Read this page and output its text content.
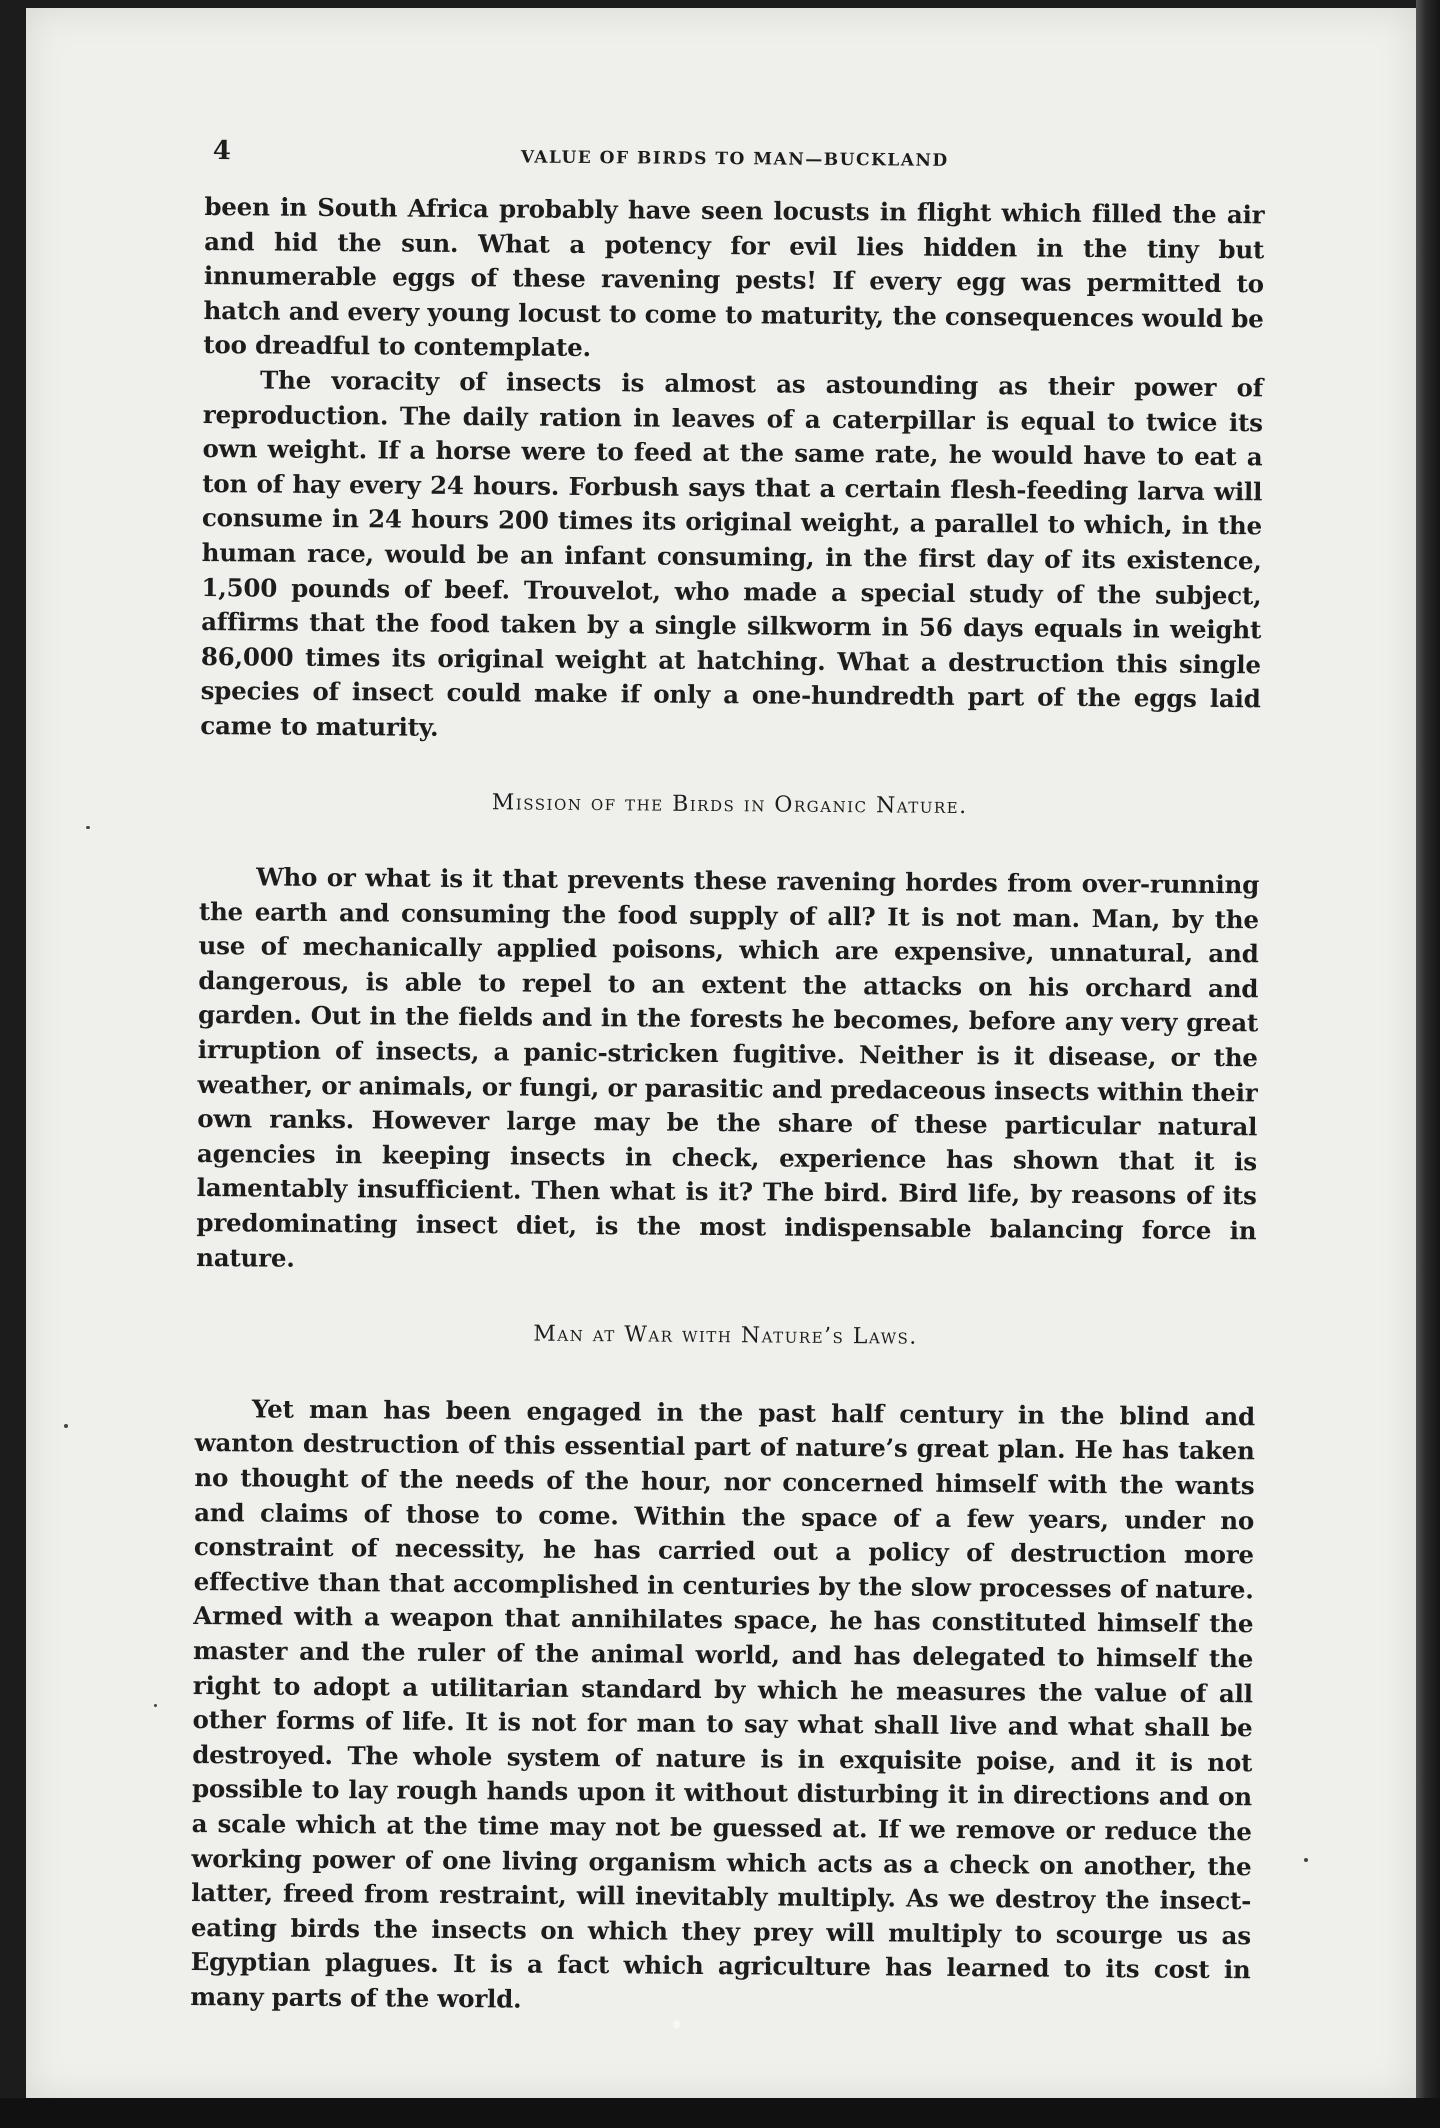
4	VALUE OF BIRDS TO MAN—BUCKLAND

been in South Africa probably have seen locusts in flight which filled the air and hid the sun. What a potency for evil lies hidden in the tiny but innumerable eggs of these ravening pests! If every egg was permitted to hatch and every young locust to come to maturity, the consequences would be too dreadful to contemplate.

The voracity of insects is almost as astounding as their power of reproduction. The daily ration in leaves of a caterpillar is equal to twice its own weight. If a horse were to feed at the same rate, he would have to eat a ton of hay every 24 hours. Forbush says that a certain flesh-feeding larva will consume in 24 hours 200 times its original weight, a parallel to which, in the human race, would be an infant consuming, in the first day of its existence, 1,500 pounds of beef. Trouvelot, who made a special study of the subject, affirms that the food taken by a single silkworm in 56 days equals in weight 86,000 times its original weight at hatching. What a destruction this single species of insect could make if only a one-hundredth part of the eggs laid came to maturity.

Mission of the Birds in Organic Nature.

Who or what is it that prevents these ravening hordes from over-running the earth and consuming the food supply of all? It is not man. Man, by the use of mechanically applied poisons, which are expensive, unnatural, and dangerous, is able to repel to an extent the attacks on his orchard and garden. Out in the fields and in the forests he becomes, before any very great irruption of insects, a panic-stricken fugitive. Neither is it disease, or the weather, or animals, or fungi, or parasitic and predaceous insects within their own ranks. However large may be the share of these particular natural agencies in keeping insects in check, experience has shown that it is lamentably insufficient. Then what is it? The bird. Bird life, by reasons of its predominating insect diet, is the most indispensable balancing force in nature.

Man at War with Nature’s Laws.

Yet man has been engaged in the past half century in the blind and wanton destruction of this essential part of nature’s great plan. He has taken no thought of the needs of the hour, nor concerned himself with the wants and claims of those to come. Within the space of a few years, under no constraint of necessity, he has carried out a policy of destruction more effective than that accomplished in centuries by the slow processes of nature. Armed with a weapon that annihilates space, he has constituted himself the master and the ruler of the animal world, and has delegated to himself the right to adopt a utilitarian standard by which he measures the value of all other forms of life. It is not for man to say what shall live and what shall be destroyed. The whole system of nature is in exquisite poise, and it is not possible to lay rough hands upon it without disturbing it in directions and on a scale which at the time may not be guessed at. If we remove or reduce the working power of one living organism which acts as a check on another, the latter, freed from restraint, will inevitably multiply. As we destroy the insect-eating birds the insects on which they prey will multiply to scourge us as Egyptian plagues. It is a fact which agriculture has learned to its cost in many parts of the world.
